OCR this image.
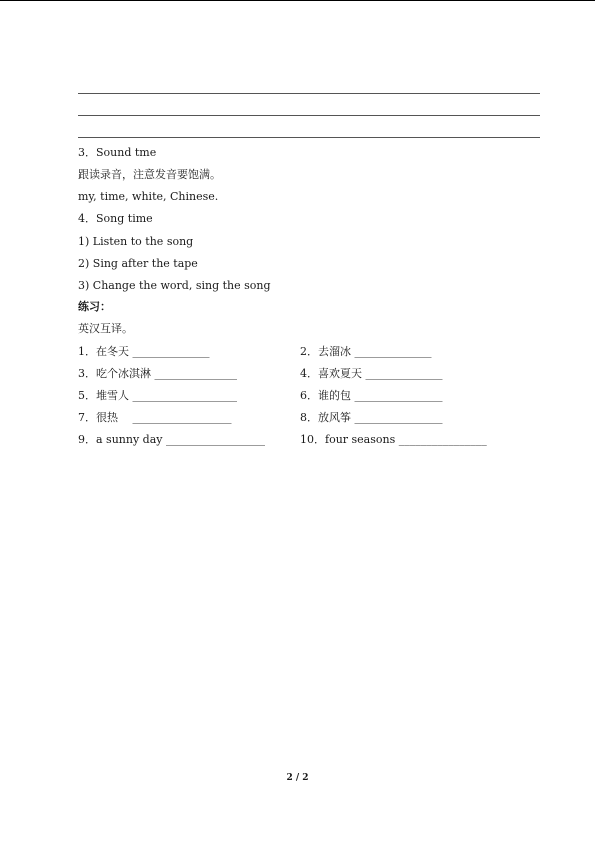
3．Sound tme
跟读录音，注意发音要饱满。
my, time, white, Chinese.
4．Song time
1) Listen to the song
2) Sing after the tape
3) Change the word, sing the song
练习：
英汉互译。
1．在冬天 ______________	2．去溜冰 ______________
3．吃个冰淇淋 _______________	4．喜欢夏天 ______________
5．堆雪人 ___________________	6．谁的包 ________________
7．很热　 __________________	8．放风筝 ________________
9．a sunny day __________________	10．four seasons ________________
2 / 2
